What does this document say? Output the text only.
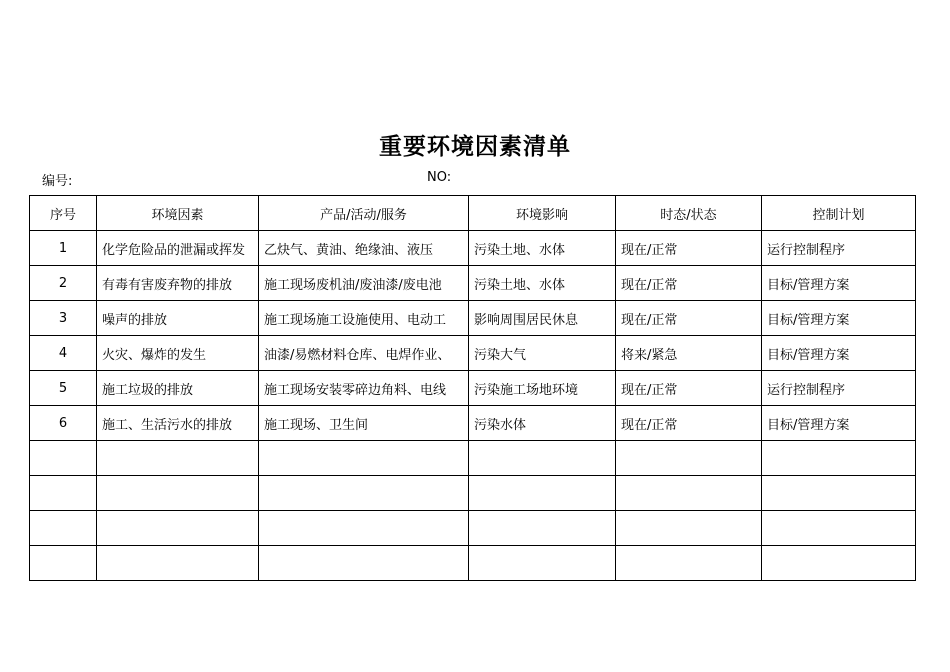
重要环境因素清单
编号:	NO:
序号	环境因素	产品/活动/服务	环境影响	时态/状态	控制计划
1	化学危险品的泄漏或挥发	乙炔气、黄油、绝缘油、液压	污染土地、水体	现在/正常	运行控制程序
2	有毒有害废弃物的排放	施工现场废机油/废油漆/废电池	污染土地、水体	现在/正常	目标/管理方案
3	噪声的排放	施工现场施工设施使用、电动工	影响周围居民休息	现在/正常	目标/管理方案
4	火灾、爆炸的发生	油漆/易燃材料仓库、电焊作业、	污染大气	将来/紧急	目标/管理方案
5	施工垃圾的排放	施工现场安装零碎边角料、电线	污染施工场地环境	现在/正常	运行控制程序
6	施工、生活污水的排放	施工现场、卫生间	污染水体	现在/正常	目标/管理方案
